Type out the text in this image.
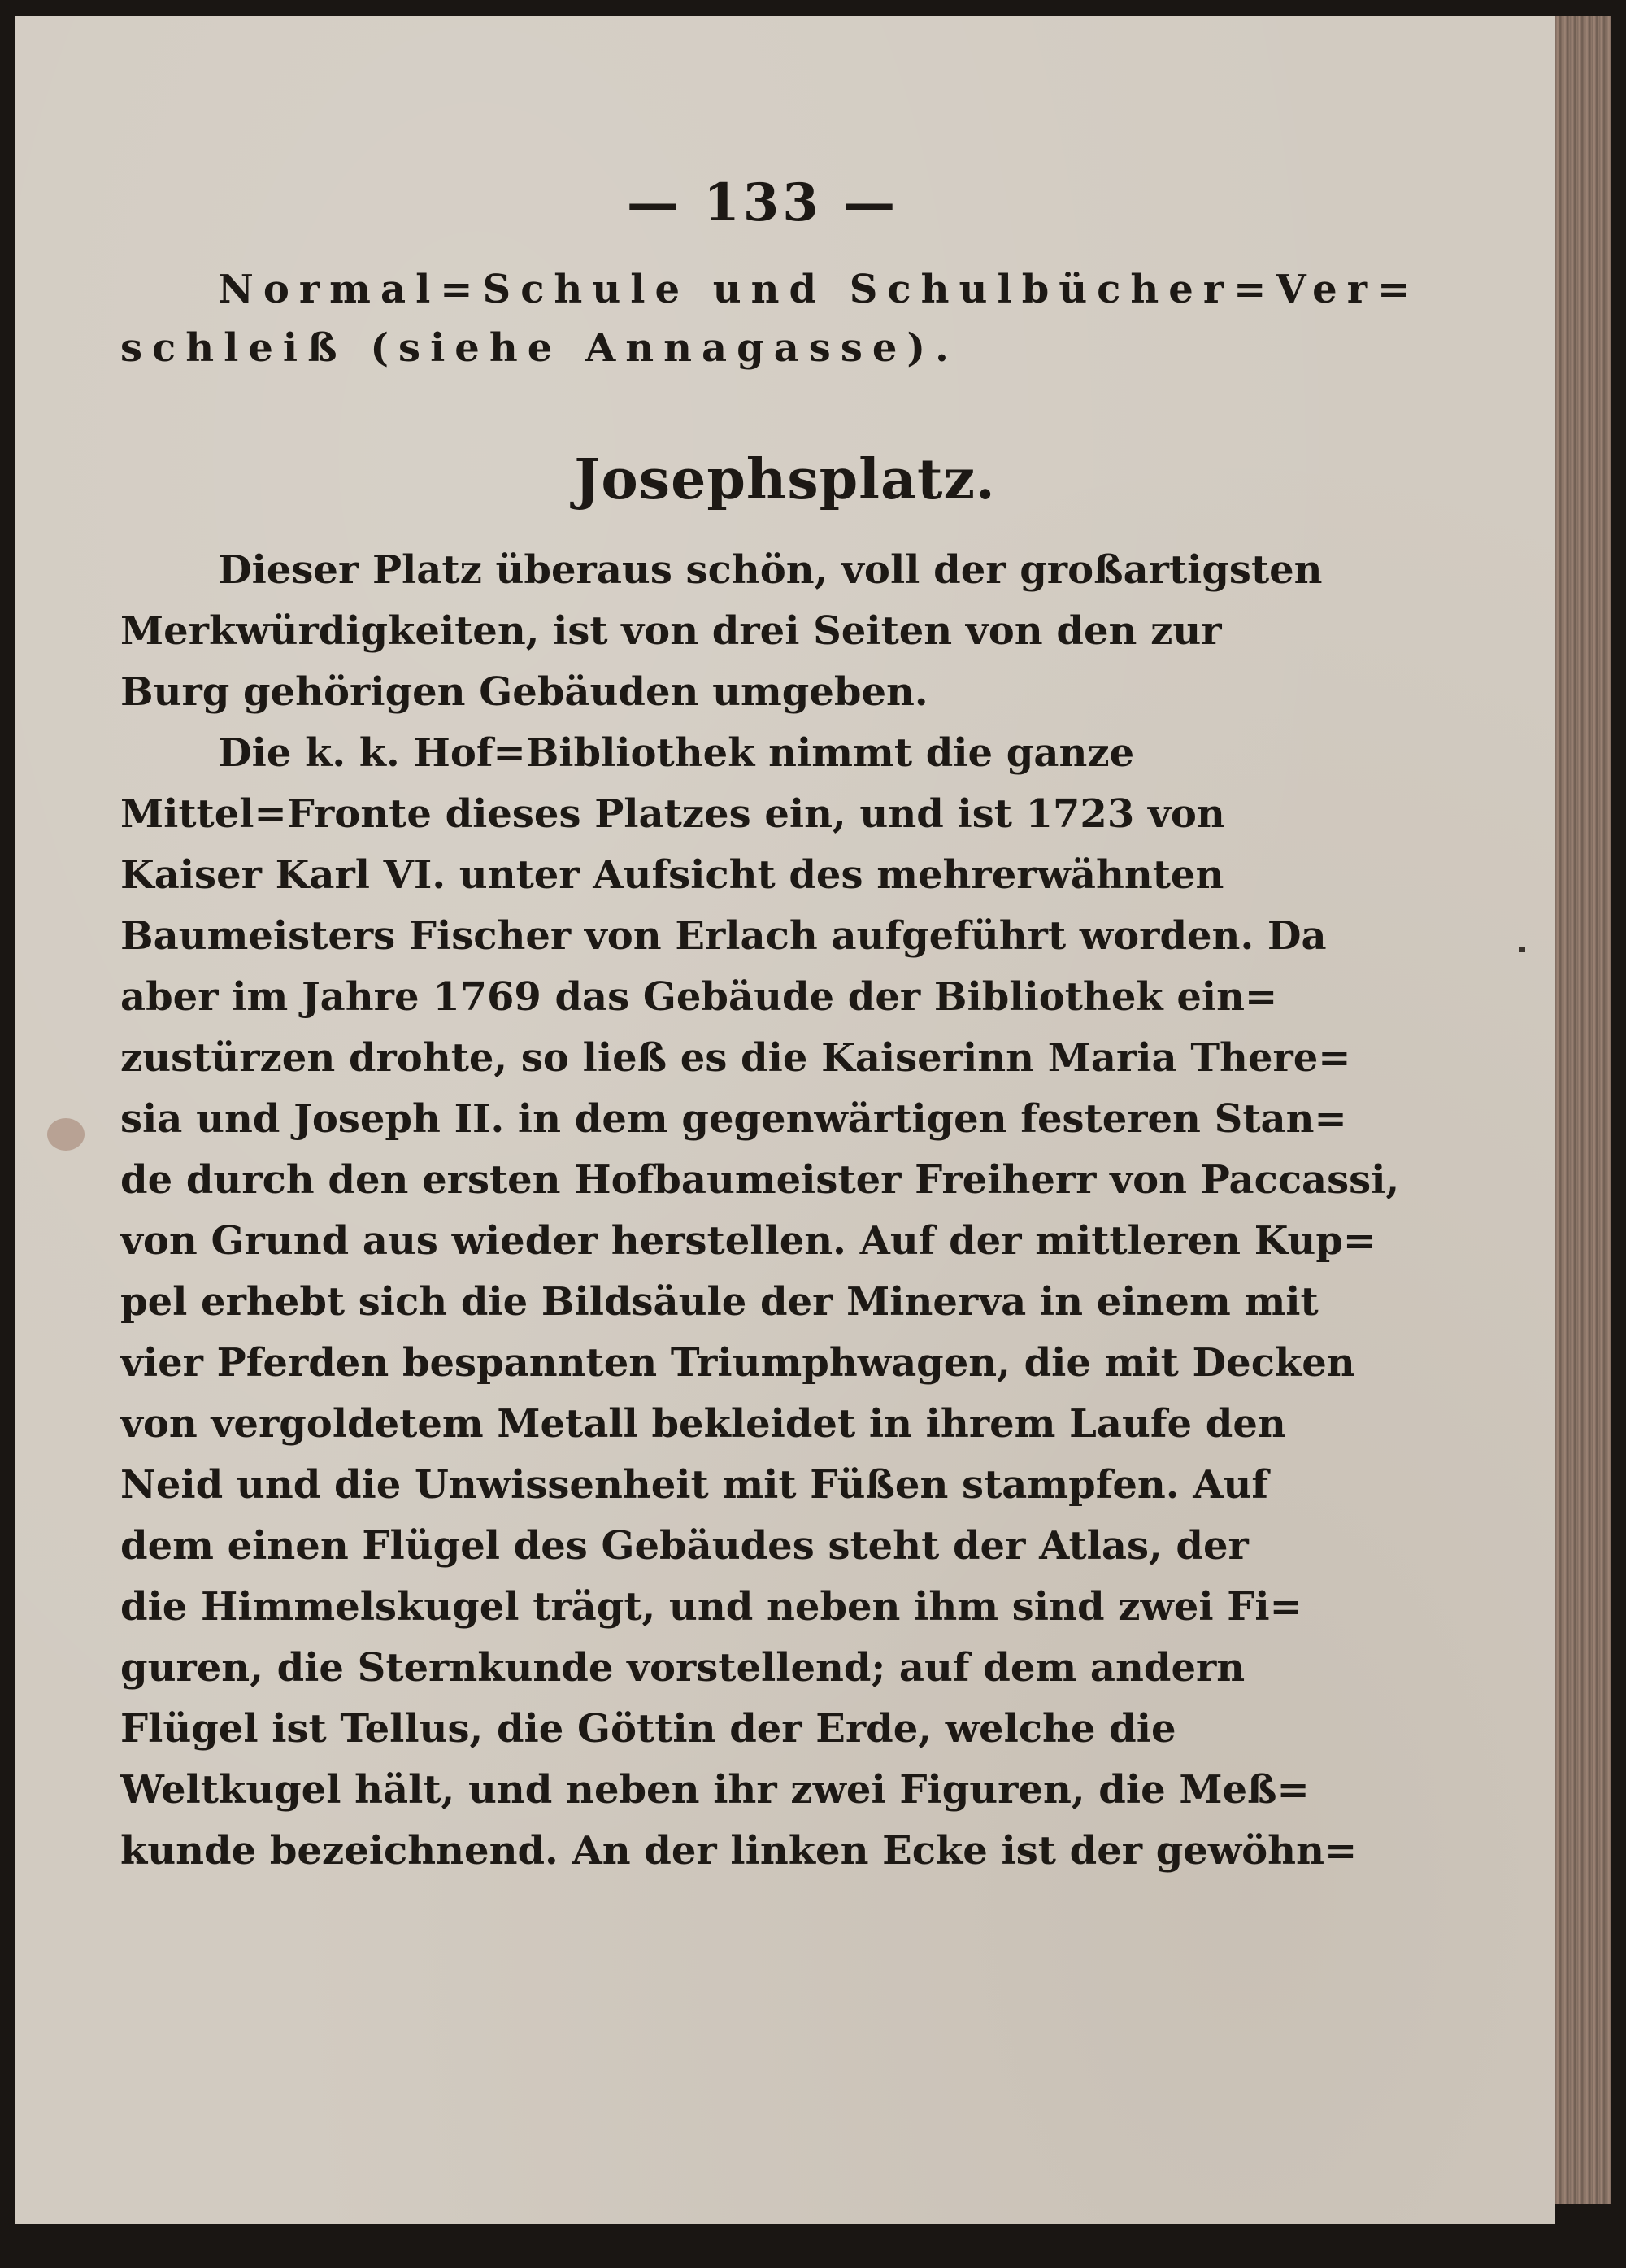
— 133 —
Normal=Schule und Schulbücher=Ver=
schleiß (siehe Annagasse).
Josephsplatz.
Dieser Platz überaus schön, voll der großartigsten
Merkwürdigkeiten, ist von drei Seiten von den zur
Burg gehörigen Gebäuden umgeben.
Die k. k. Hof=Bibliothek nimmt die ganze
Mittel=Fronte dieses Platzes ein, und ist 1723 von
Kaiser Karl VI. unter Aufsicht des mehrerwähnten
Baumeisters Fischer von Erlach aufgeführt worden. Da
aber im Jahre 1769 das Gebäude der Bibliothek ein=
zustürzen drohte, so ließ es die Kaiserinn Maria There=
sia und Joseph II. in dem gegenwärtigen festeren Stan=
de durch den ersten Hofbaumeister Freiherr von Paccassi,
von Grund aus wieder herstellen. Auf der mittleren Kup=
pel erhebt sich die Bildsäule der Minerva in einem mit
vier Pferden bespannten Triumphwagen, die mit Decken
von vergoldetem Metall bekleidet in ihrem Laufe den
Neid und die Unwissenheit mit Füßen stampfen. Auf
dem einen Flügel des Gebäudes steht der Atlas, der
die Himmelskugel trägt, und neben ihm sind zwei Fi=
guren, die Sternkunde vorstellend; auf dem andern
Flügel ist Tellus, die Göttin der Erde, welche die
Weltkugel hält, und neben ihr zwei Figuren, die Meß=
kunde bezeichnend. An der linken Ecke ist der gewöhn=
